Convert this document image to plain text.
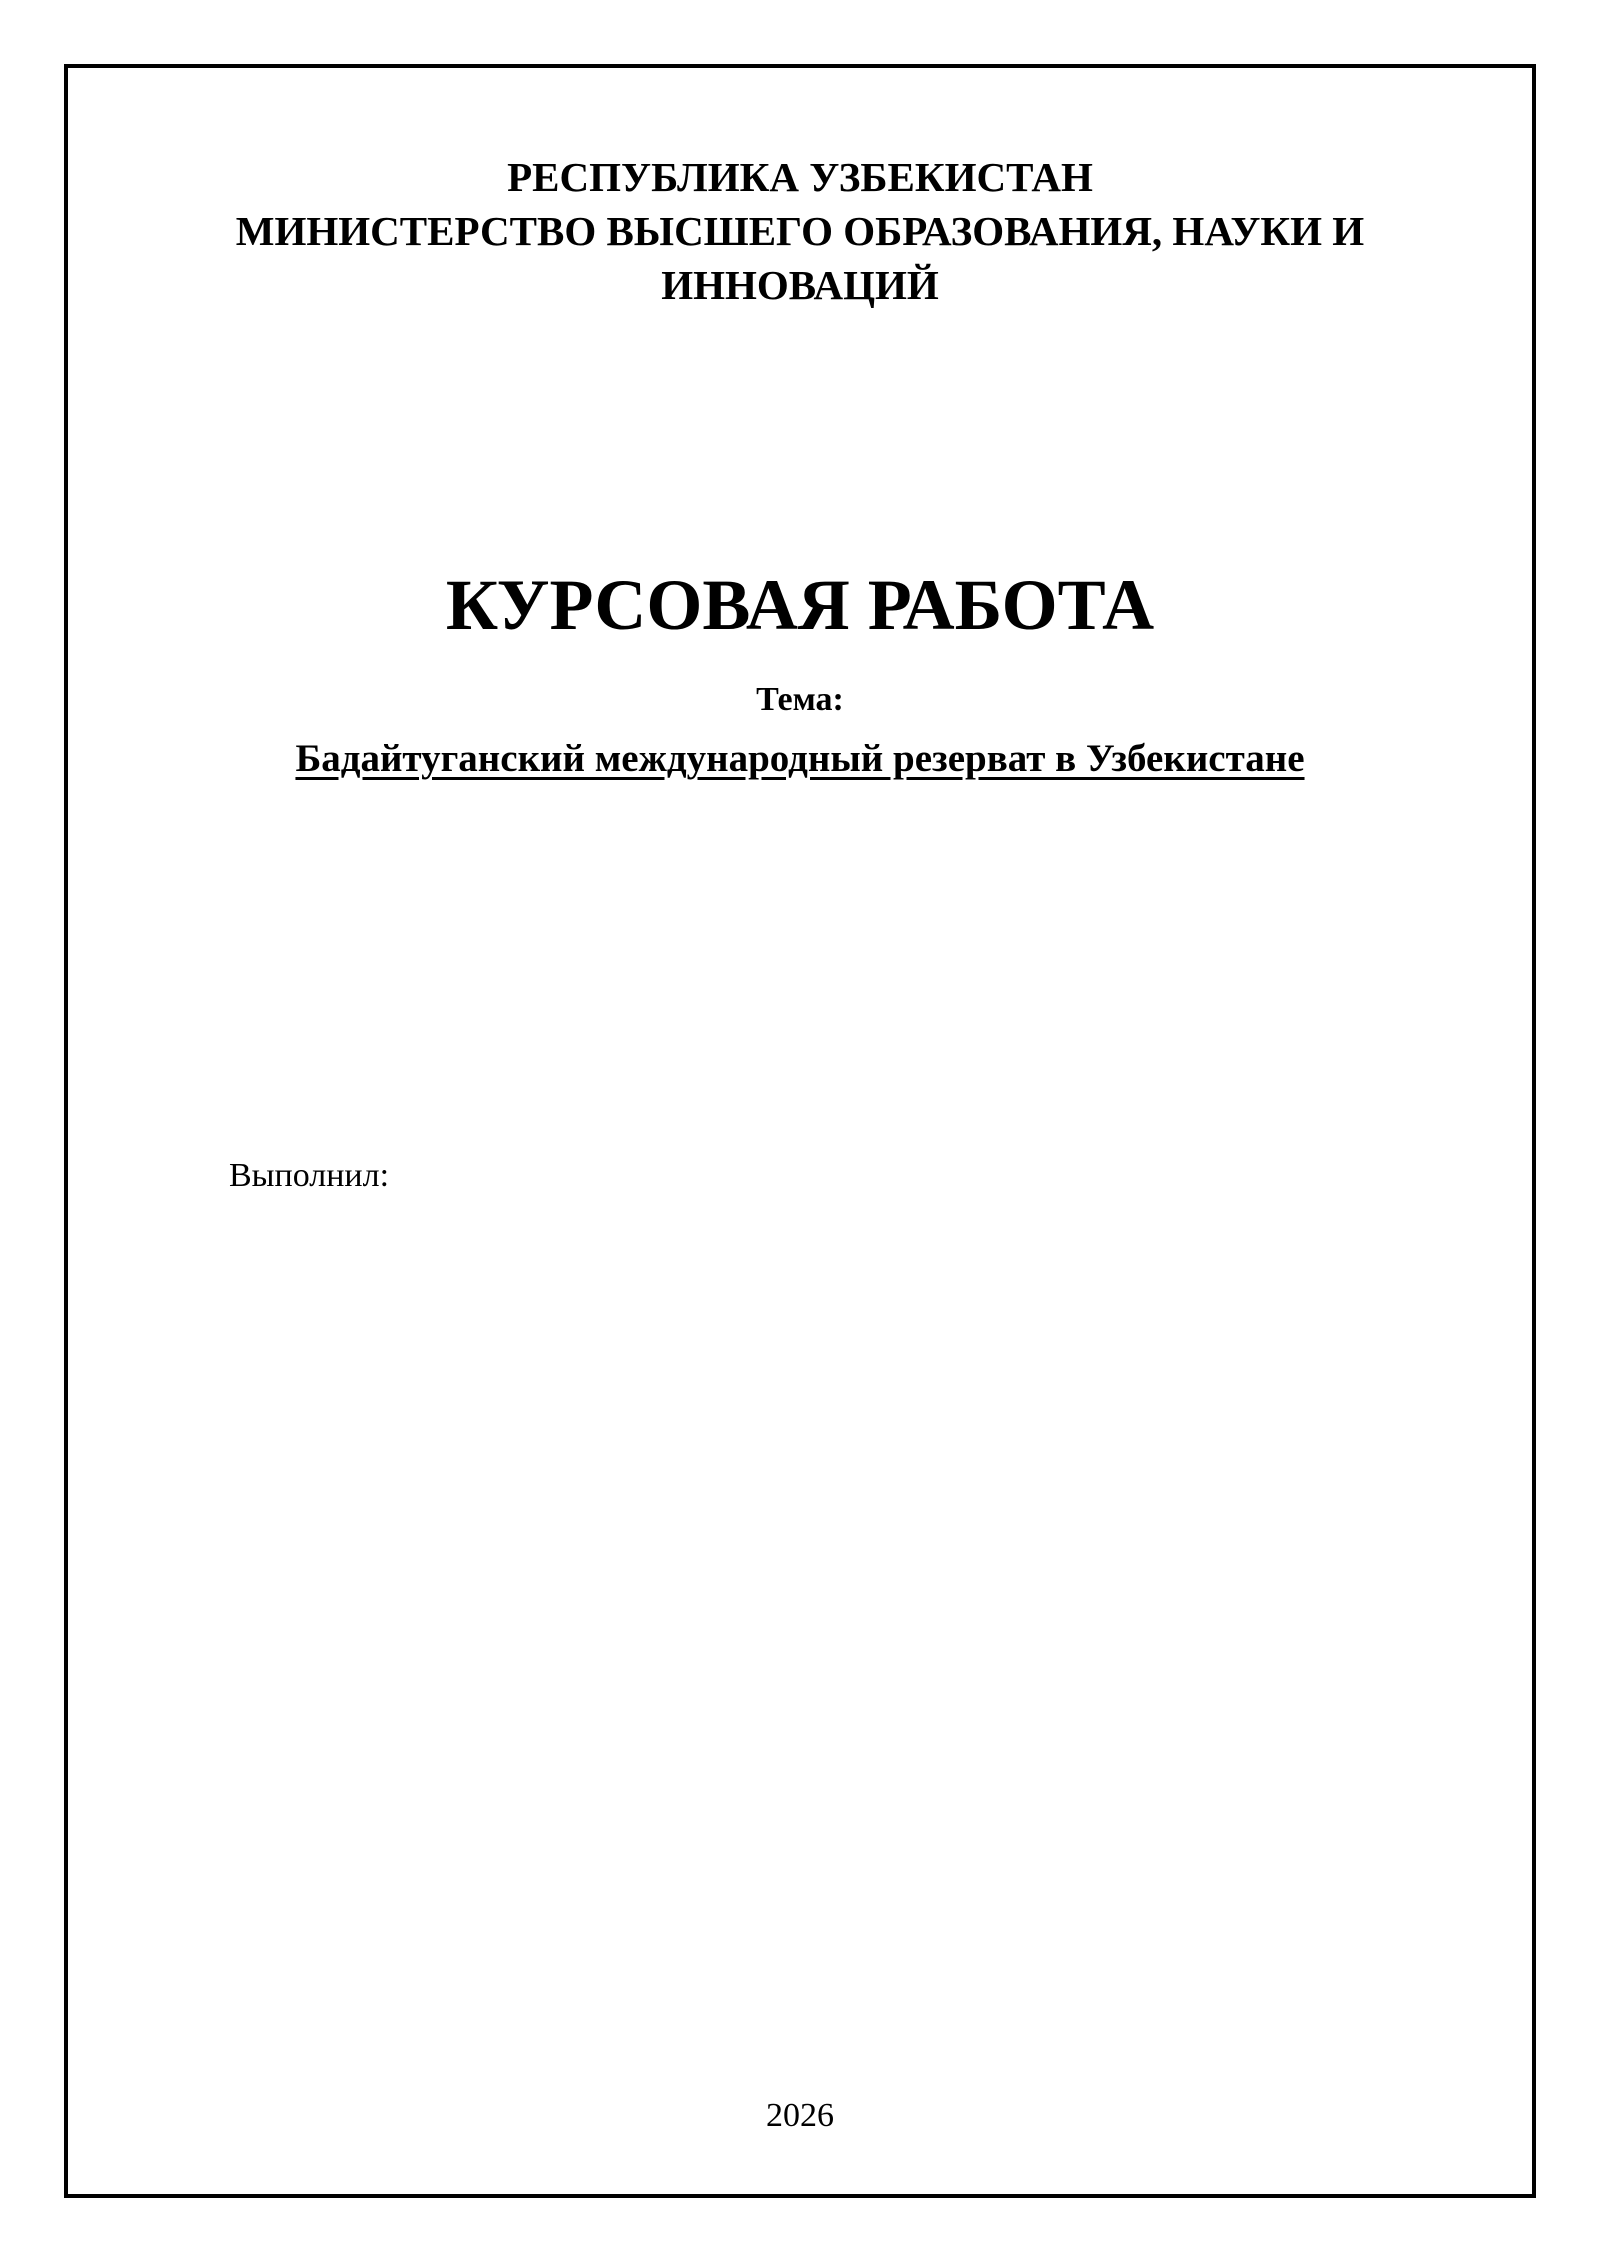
РЕСПУБЛИКА УЗБЕКИСТАН
МИНИСТЕРСТВО ВЫСШЕГО ОБРАЗОВАНИЯ, НАУКИ И
ИННОВАЦИЙ
КУРСОВАЯ РАБОТА
Тема:
Бадайтуганский международный резерват в Узбекистане
Выполнил:
2026
